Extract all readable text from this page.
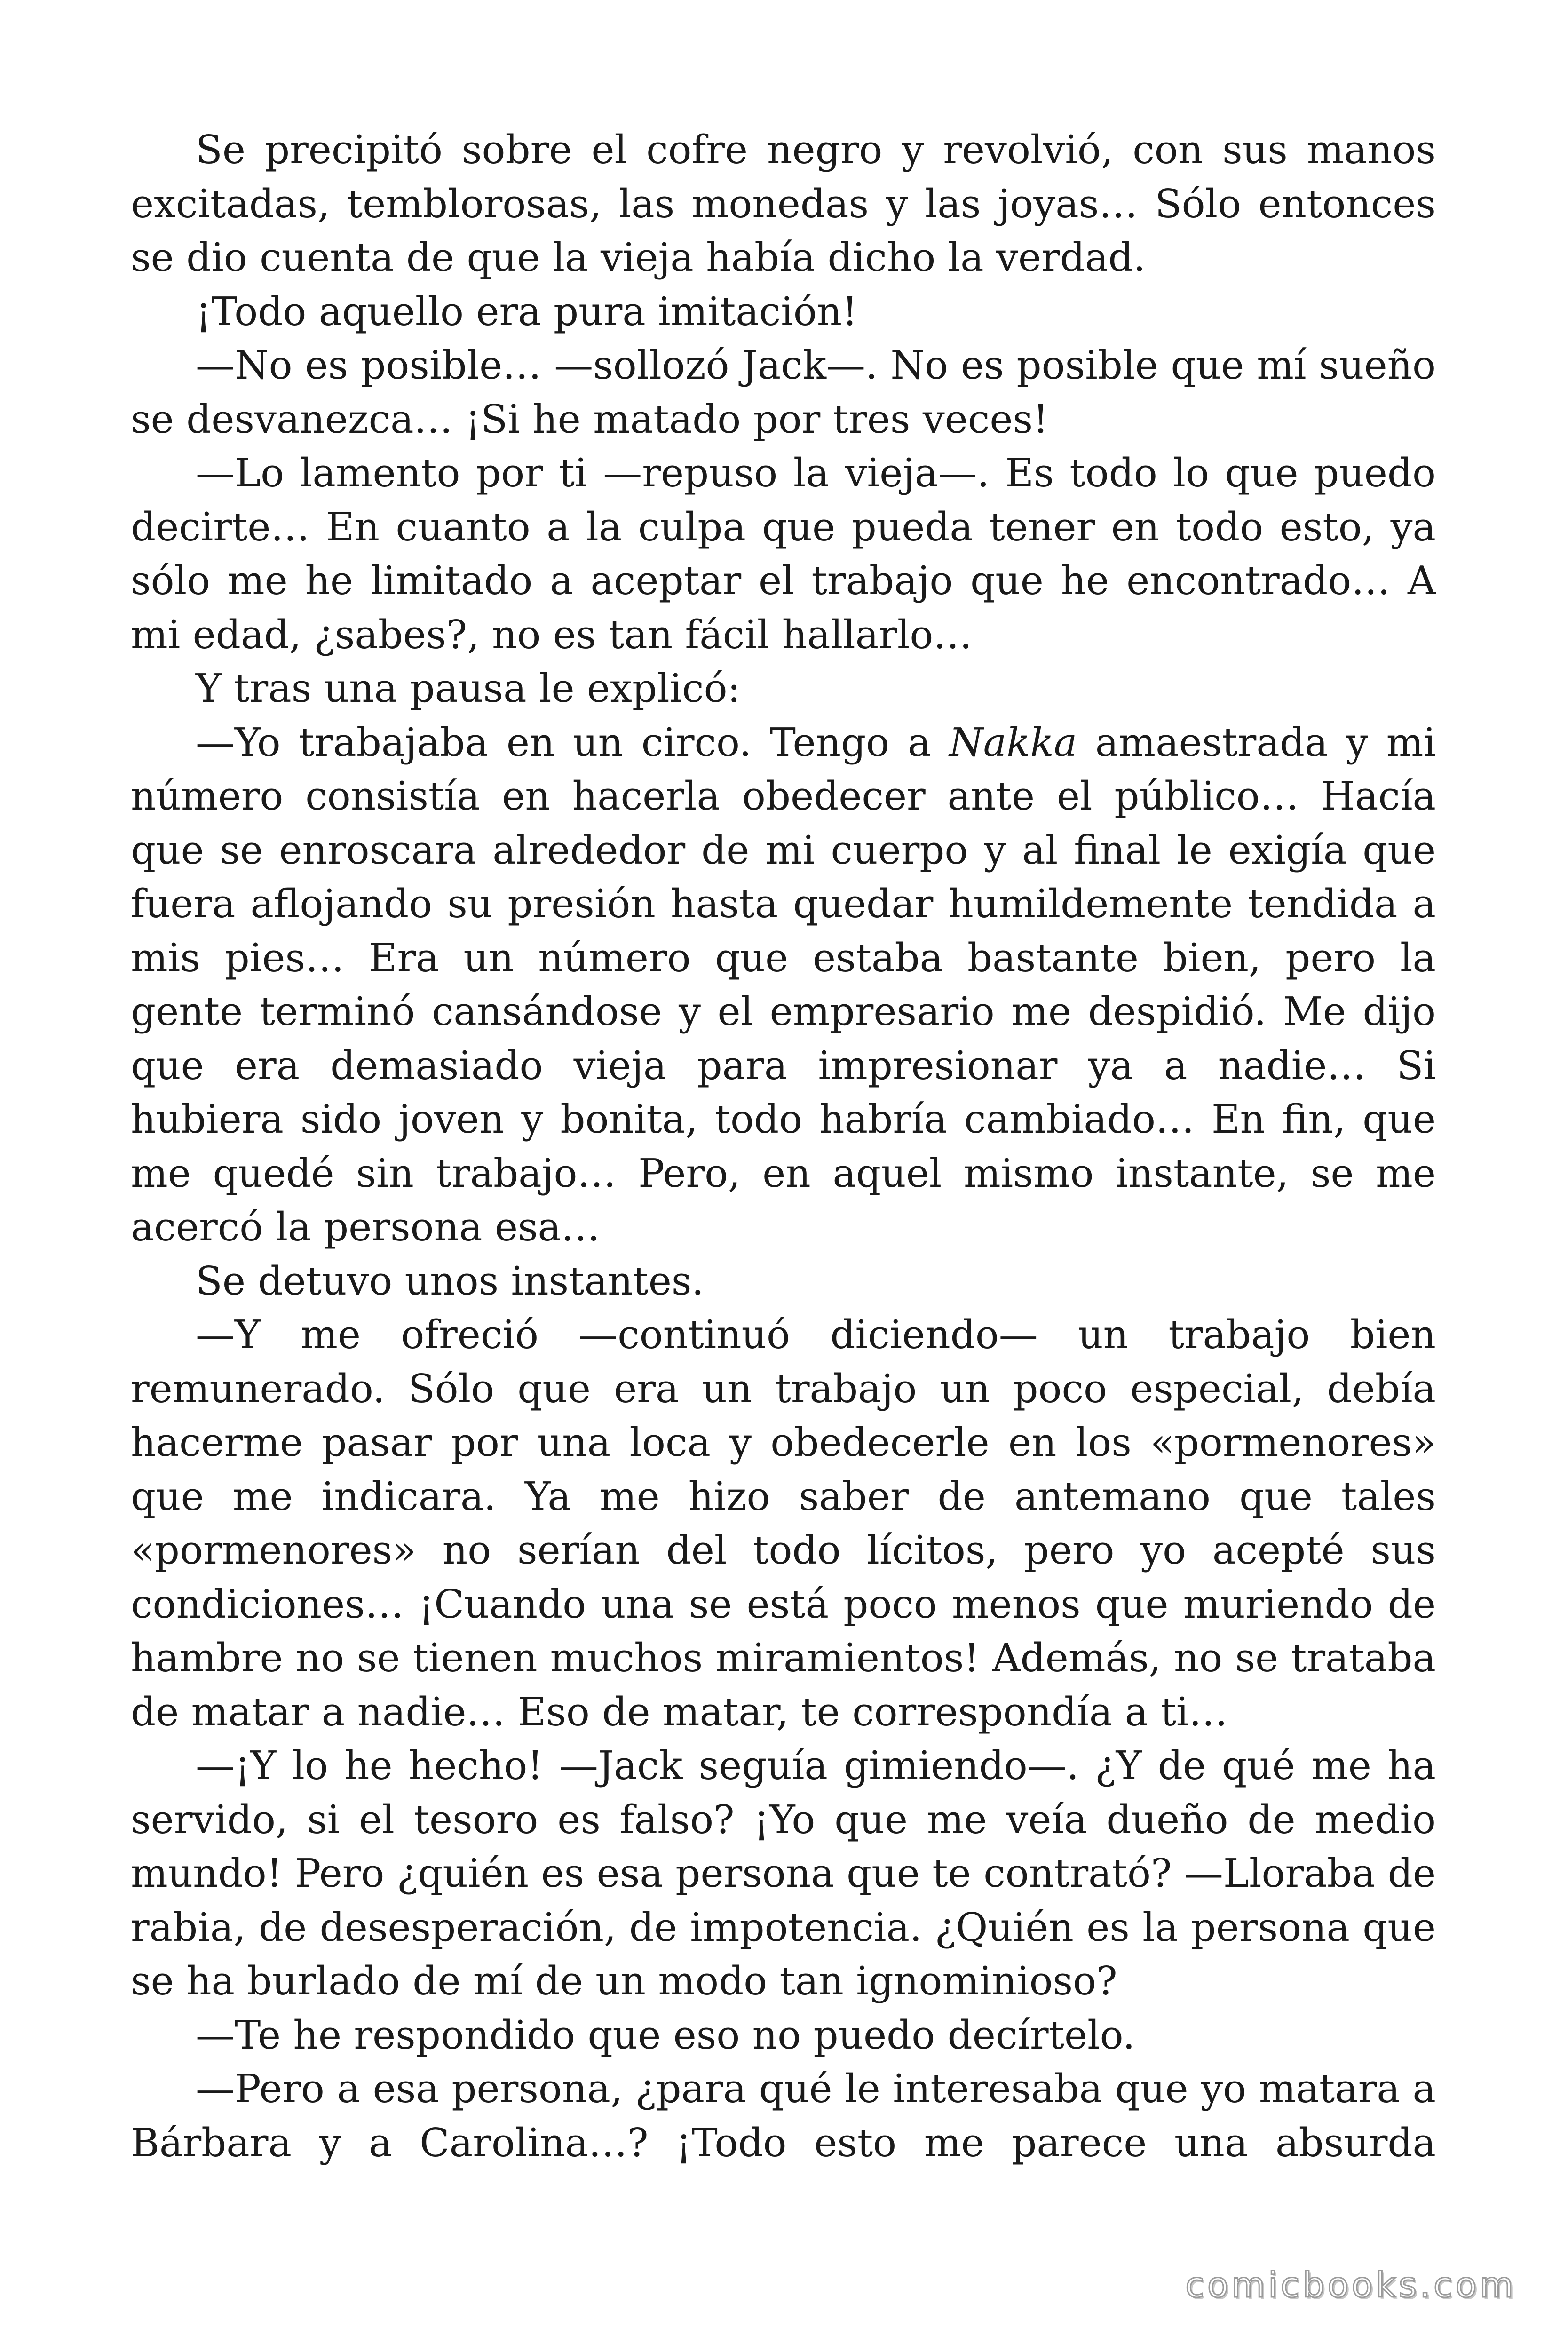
Se precipitó sobre el cofre negro y revolvió, con sus manos excitadas, temblorosas, las monedas y las joyas… Sólo entonces se dio cuenta de que la vieja había dicho la verdad.

¡Todo aquello era pura imitación!

—No es posible… —sollozó Jack—. No es posible que mí sueño se desvanezca… ¡Si he matado por tres veces!

—Lo lamento por ti —repuso la vieja—. Es todo lo que puedo decirte… En cuanto a la culpa que pueda tener en todo esto, ya sólo me he limitado a aceptar el trabajo que he encontrado… A mi edad, ¿sabes?, no es tan fácil hallarlo…

Y tras una pausa le explicó:

—Yo trabajaba en un circo. Tengo a Nakka amaestrada y mi número consistía en hacerla obedecer ante el público… Hacía que se enroscara alrededor de mi cuerpo y al final le exigía que fuera aflojando su presión hasta quedar humildemente tendida a mis pies… Era un número que estaba bastante bien, pero la gente terminó cansándose y el empresario me despidió. Me dijo que era demasiado vieja para impresionar ya a nadie… Si hubiera sido joven y bonita, todo habría cambiado… En fin, que me quedé sin trabajo… Pero, en aquel mismo instante, se me acercó la persona esa…

Se detuvo unos instantes.

—Y me ofreció —continuó diciendo— un trabajo bien remunerado. Sólo que era un trabajo un poco especial, debía hacerme pasar por una loca y obedecerle en los «pormenores» que me indicara. Ya me hizo saber de antemano que tales «pormenores» no serían del todo lícitos, pero yo acepté sus condiciones… ¡Cuando una se está poco menos que muriendo de hambre no se tienen muchos miramientos! Además, no se trataba de matar a nadie… Eso de matar, te correspondía a ti…

—¡Y lo he hecho! —Jack seguía gimiendo—. ¿Y de qué me ha servido, si el tesoro es falso? ¡Yo que me veía dueño de medio mundo! Pero ¿quién es esa persona que te contrató? —Lloraba de rabia, de desesperación, de impotencia. ¿Quién es la persona que se ha burlado de mí de un modo tan ignominioso?

—Te he respondido que eso no puedo decírtelo.

—Pero a esa persona, ¿para qué le interesaba que yo matara a Bárbara y a Carolina…? ¡Todo esto me parece una absurda

comicbooks.com
